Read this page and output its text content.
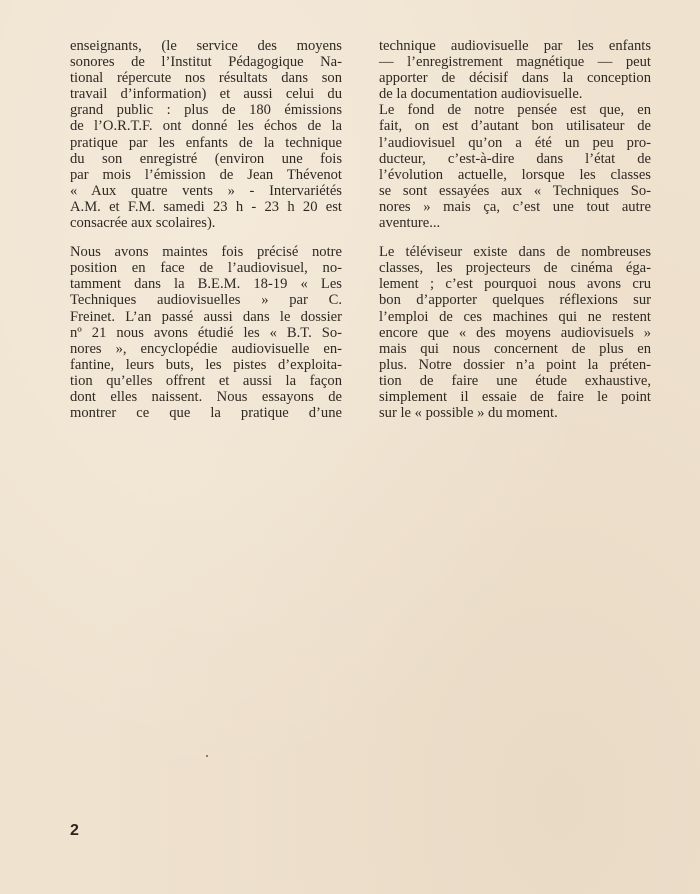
enseignants, (le service des moyens
sonores de l’Institut Pédagogique Na-
tional répercute nos résultats dans son
travail d’information) et aussi celui du
grand public : plus de 180 émissions
de l’O.R.T.F. ont donné les échos de la
pratique par les enfants de la technique
du son enregistré (environ une fois
par mois l’émission de Jean Thévenot
« Aux quatre vents » - Intervariétés
A.M. et F.M. samedi 23 h - 23 h 20 est
consacrée aux scolaires).
Nous avons maintes fois précisé notre
position en face de l’audiovisuel, no-
tamment dans la B.E.M. 18-19 « Les
Techniques audiovisuelles » par C.
Freinet. L’an passé aussi dans le dossier
nº 21 nous avons étudié les « B.T. So-
nores », encyclopédie audiovisuelle en-
fantine, leurs buts, les pistes d’exploita-
tion qu’elles offrent et aussi la façon
dont elles naissent. Nous essayons de
montrer ce que la pratique d’une
technique audiovisuelle par les enfants
— l’enregistrement magnétique — peut
apporter de décisif dans la conception
de la documentation audiovisuelle.
Le fond de notre pensée est que, en
fait, on est d’autant bon utilisateur de
l’audiovisuel qu’on a été un peu pro-
ducteur, c’est-à-dire dans l’état de
l’évolution actuelle, lorsque les classes
se sont essayées aux « Techniques So-
nores » mais ça, c’est une tout autre
aventure...
Le téléviseur existe dans de nombreuses
classes, les projecteurs de cinéma éga-
lement ; c’est pourquoi nous avons cru
bon d’apporter quelques réflexions sur
l’emploi de ces machines qui ne restent
encore que « des moyens audiovisuels »
mais qui nous concernent de plus en
plus. Notre dossier n’a point la préten-
tion de faire une étude exhaustive,
simplement il essaie de faire le point
sur le « possible » du moment.
2
